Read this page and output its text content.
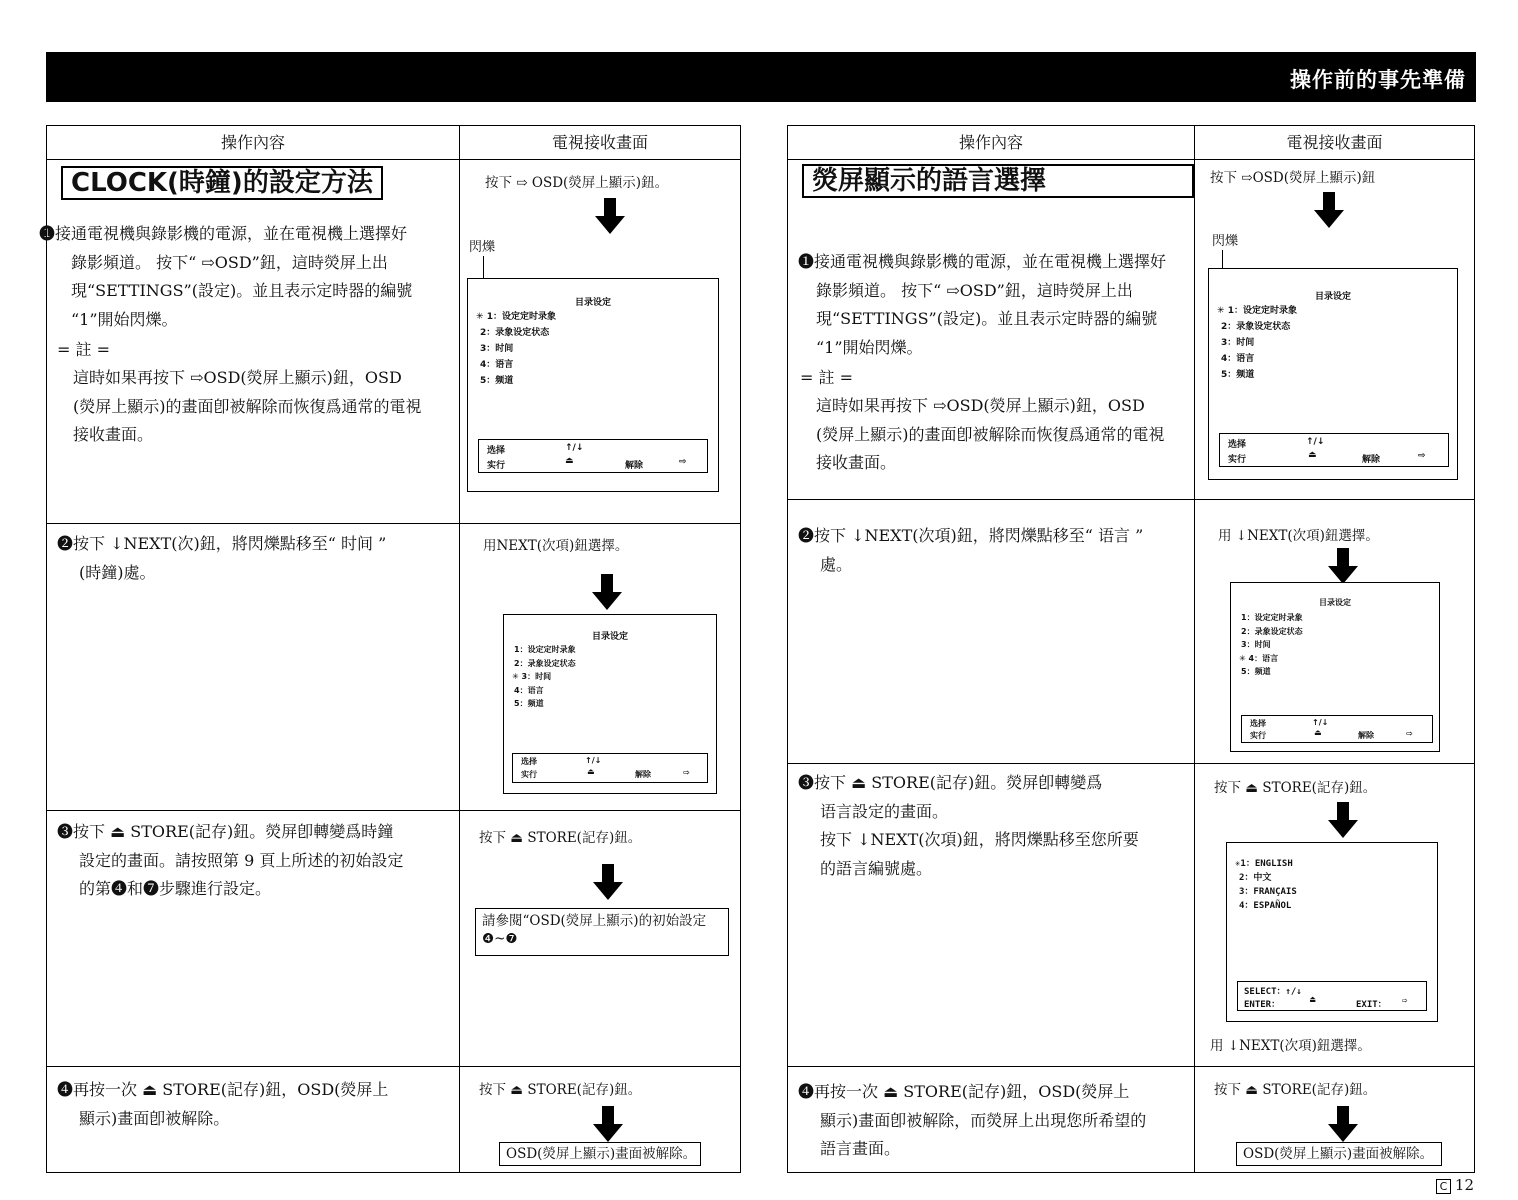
操作前的事先準備
操作內容	電視接收畫面
CLOCK(時鐘)的設定方法
❶接通電視機與錄影機的電源，並在電視機上選擇好
錄影頻道。 按下“ ⇨OSD”鈕，這時熒屏上出
現“SETTINGS”(設定)。並且表示定時器的編號
“1”開始閃爍。
= 註 =
這時如果再按下 ⇨OSD(熒屏上顯示)鈕，OSD
(熒屏上顯示)的畫面卽被解除而恢復爲通常的電視
接收畫面。
按下 ⇨ OSD(熒屏上顯示)鈕。
閃爍
目录设定
✳ 1：设定定时录象
2：录象设定状态
3：时间
4：语言
5：频道
选择	↑/↓
实行	⏏	解除	⇨
❷按下 ↓NEXT(次)鈕，將閃爍點移至“ 时间 ”
(時鐘)處。
用NEXT(次項)鈕選擇。
目录设定
1：设定定时录象
2：录象设定状态
✳ 3：时间
4：语言
5：频道
选择	↑/↓
实行	⏏	解除	⇨
❸按下 ⏏ STORE(記存)鈕。熒屏卽轉變爲時鐘
設定的畫面。請按照第 9 頁上所述的初始設定
的第❹和❼步驟進行設定。
按下 ⏏ STORE(記存)鈕。
請參閱“OSD(熒屏上顯示)的初始設定
❹~❼
❹再按一次 ⏏ STORE(記存)鈕，OSD(熒屏上
顯示)畫面卽被解除。
按下 ⏏ STORE(記存)鈕。
OSD(熒屏上顯示)畫面被解除。
操作內容	電視接收畫面
熒屏顯示的語言選擇
❶接通電視機與錄影機的電源，並在電視機上選擇好
錄影頻道。 按下“ ⇨OSD”鈕，這時熒屏上出
現“SETTINGS”(設定)。並且表示定時器的編號
“1”開始閃爍。
= 註 =
這時如果再按下 ⇨OSD(熒屏上顯示)鈕，OSD
(熒屏上顯示)的畫面卽被解除而恢復爲通常的電視
接收畫面。
按下 ⇨OSD(熒屏上顯示)鈕
閃爍
目录设定
✳ 1：设定定时录象
2：录象设定状态
3：时间
4：语言
5：频道
选择	↑/↓
实行	⏏	解除	⇨
❷按下 ↓NEXT(次項)鈕，將閃爍點移至“ 语言 ”
處。
用 ↓NEXT(次項)鈕選擇。
目录设定
1：设定定时录象
2：录象设定状态
3：时间
✳ 4：语言
5：频道
选择	↑/↓
实行	⏏	解除	⇨
❸按下 ⏏ STORE(記存)鈕。熒屏卽轉變爲
语言設定的畫面。
按下 ↓NEXT(次項)鈕，將閃爍點移至您所要
的語言編號處。
按下 ⏏ STORE(記存)鈕。
✳1：ENGLISH
2：中文
3：FRANÇAIS
4：ESPAÑOL
SELECT：↑/↓
ENTER：	⏏	EXIT： ⇨
用 ↓NEXT(次項)鈕選擇。
❹再按一次 ⏏ STORE(記存)鈕，OSD(熒屏上
顯示)畫面卽被解除，而熒屏上出現您所希望的
語言畫面。
按下 ⏏ STORE(記存)鈕。
OSD(熒屏上顯示)畫面被解除。
C 12
